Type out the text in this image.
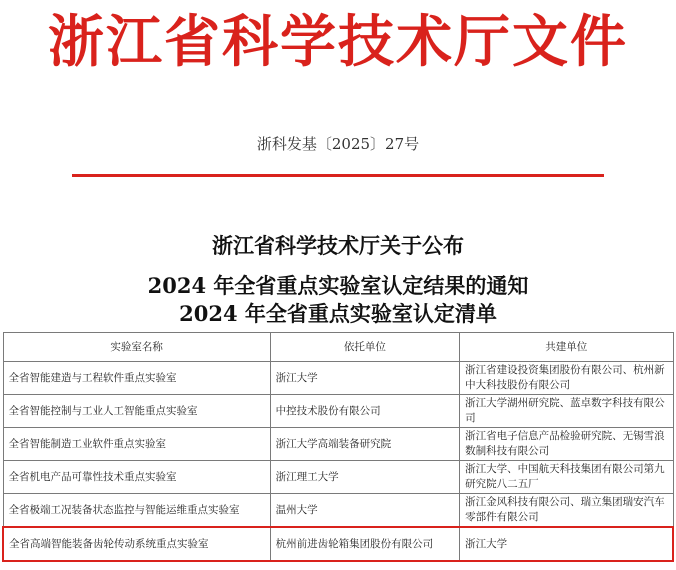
浙江省科学技术厅文件
浙科发基〔2025〕27号
浙江省科学技术厅关于公布
2024 年全省重点实验室认定结果的通知
2024 年全省重点实验室认定清单
实验室名称	依托单位	共建单位
全省智能建造与工程软件重点实验室	浙江大学	浙江省建设投资集团股份有限公司、杭州新中大科技股份有限公司
全省智能控制与工业人工智能重点实验室	中控技术股份有限公司	浙江大学湖州研究院、蓝卓数字科技有限公司
全省智能制造工业软件重点实验室	浙江大学高端装备研究院	浙江省电子信息产品检验研究院、无锡雪浪数制科技有限公司
全省机电产品可靠性技术重点实验室	浙江理工大学	浙江大学、中国航天科技集团有限公司第九研究院八二五厂
全省极端工况装备状态监控与智能运维重点实验室	温州大学	浙江金风科技有限公司、瑞立集团瑞安汽车零部件有限公司
全省高端智能装备齿轮传动系统重点实验室	杭州前进齿轮箱集团股份有限公司	浙江大学
